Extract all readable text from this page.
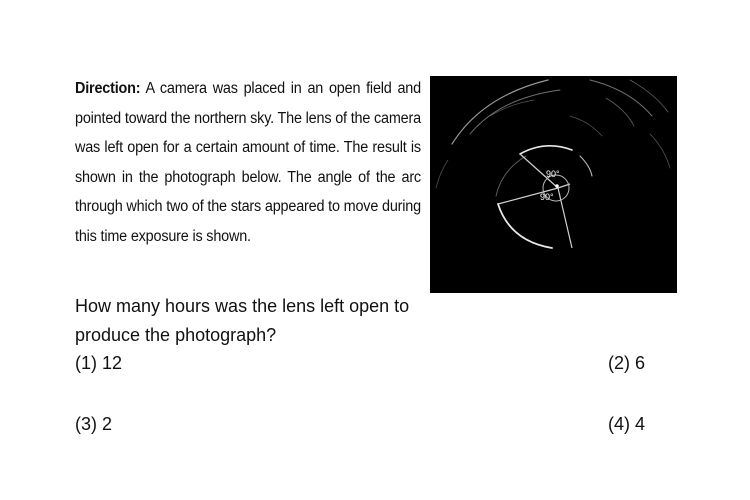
Direction: A camera was placed in an open field and pointed toward the northern sky. The lens of the camera was left open for a certain amount of time. The result is shown in the photograph below. The angle of the arc through which two of the stars appeared to move during this time exposure is shown.
90°
90°
How many hours was the lens left open to produce the photograph?
(1) 12	(2) 6
(3) 2	(4) 4
